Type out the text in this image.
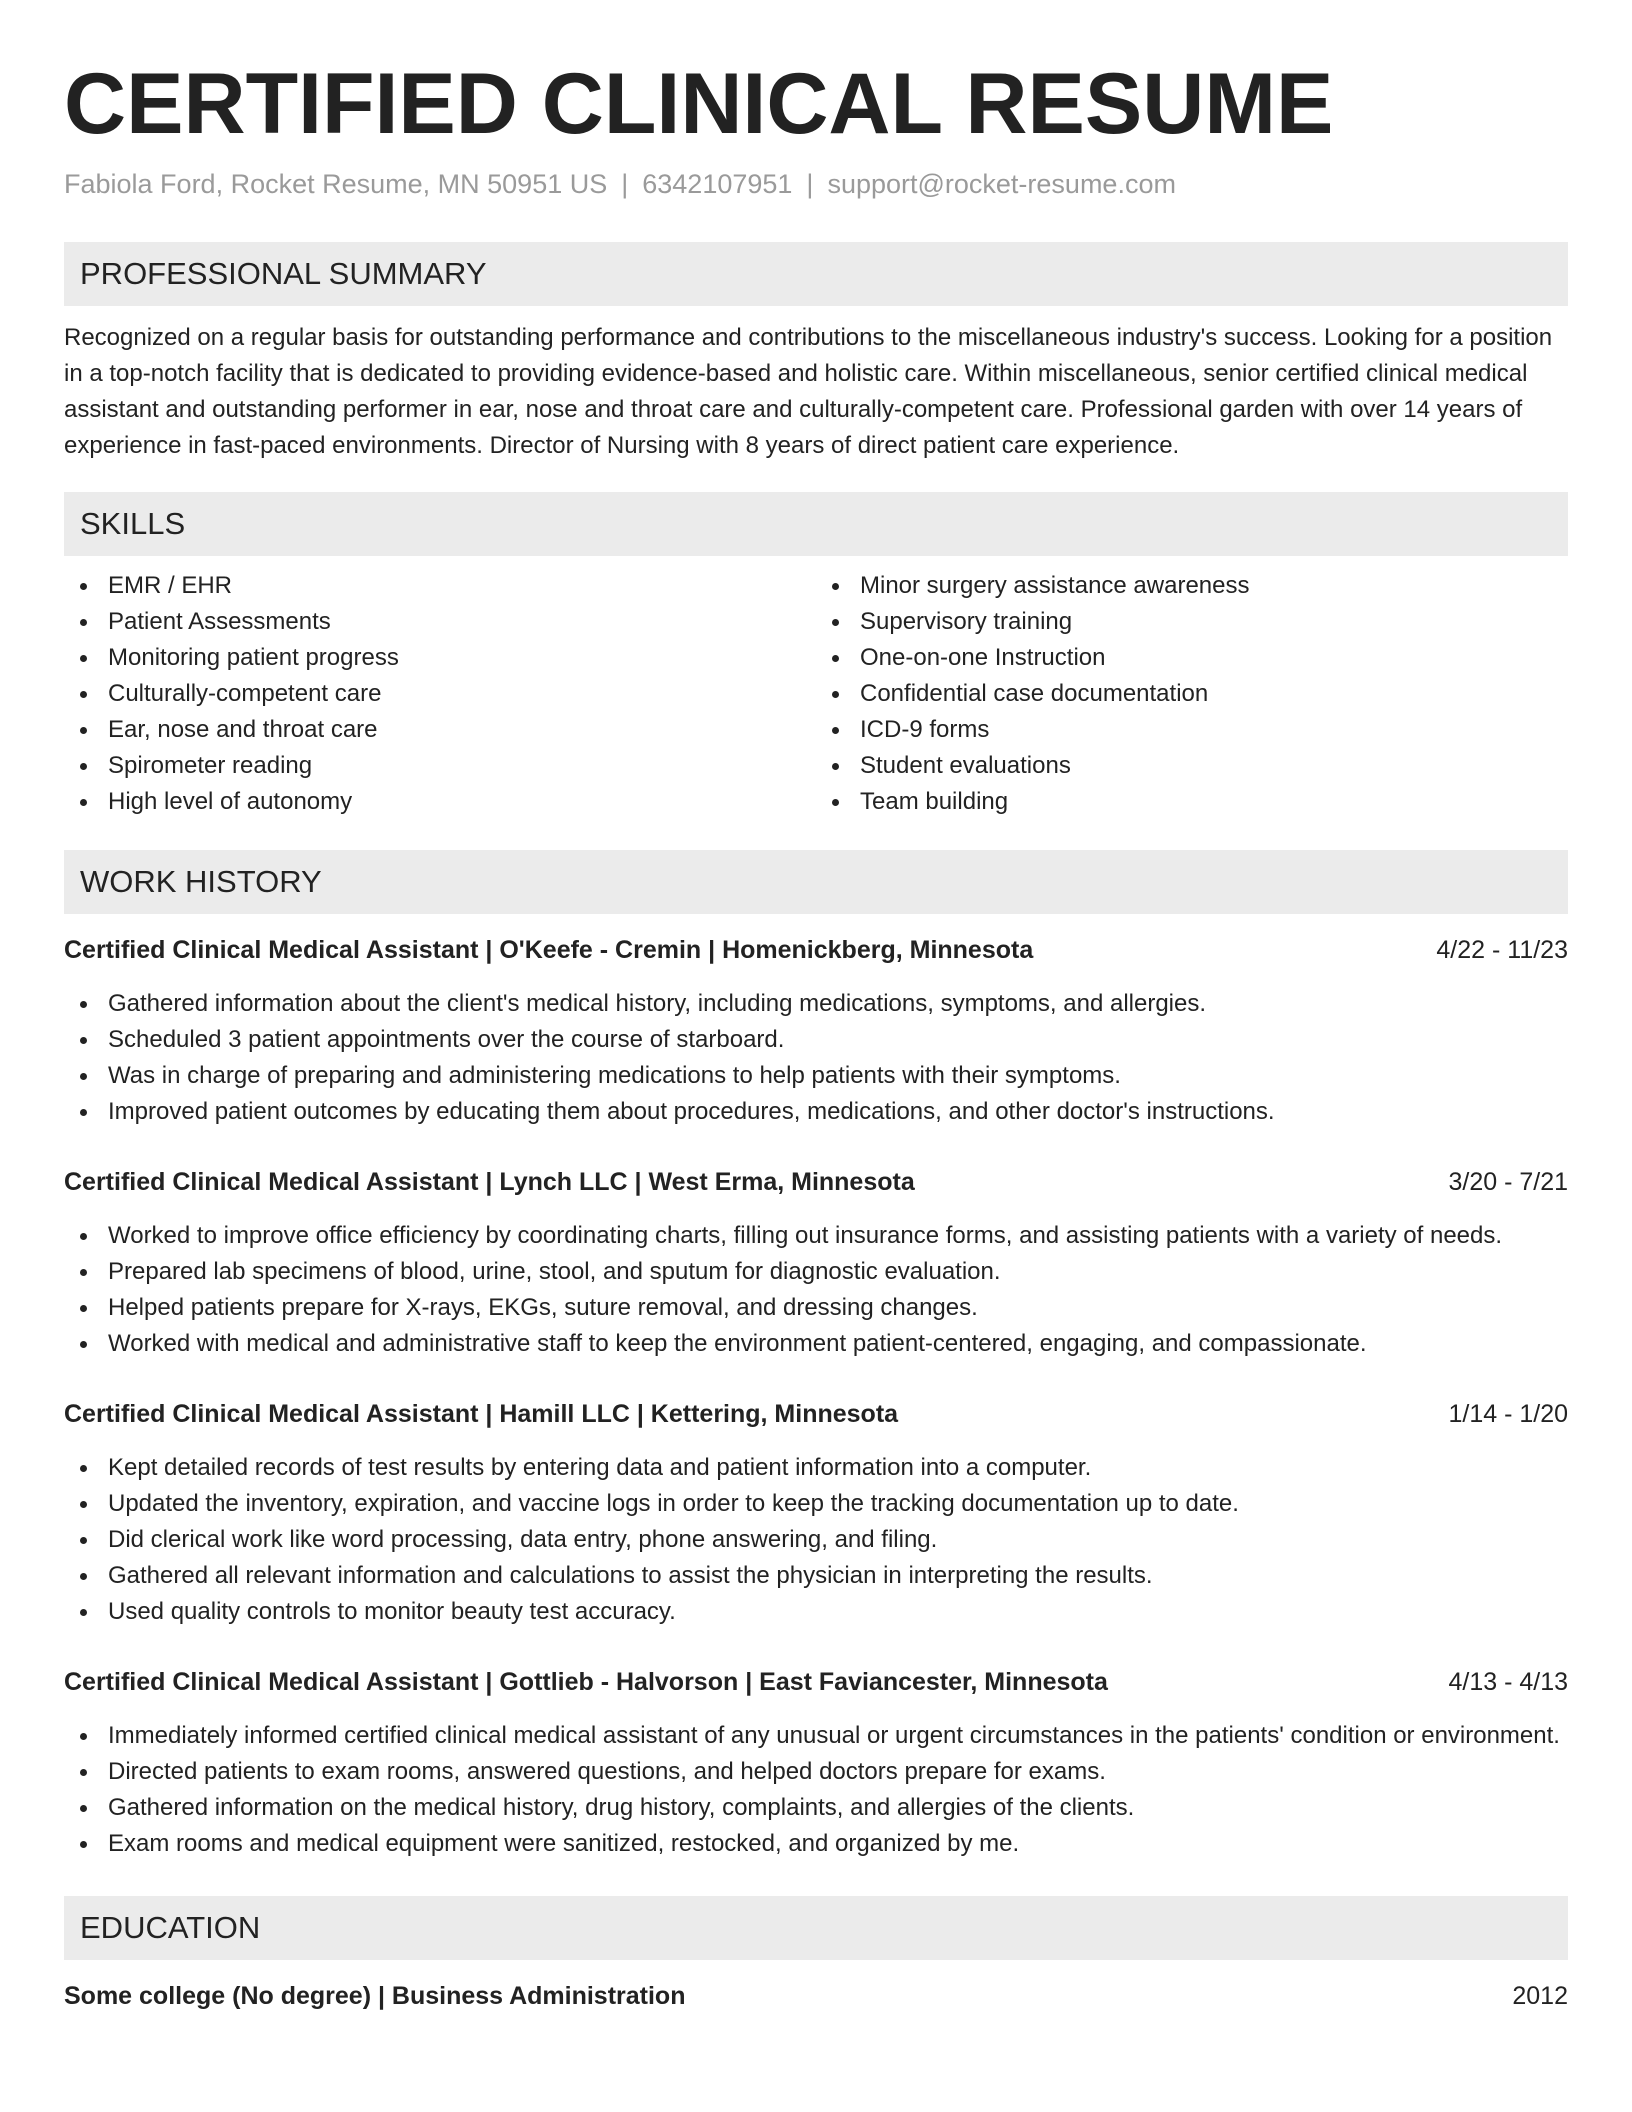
CERTIFIED CLINICAL RESUME
Fabiola Ford, Rocket Resume, MN 50951 US | 6342107951 | support@rocket-resume.com
PROFESSIONAL SUMMARY
Recognized on a regular basis for outstanding performance and contributions to the miscellaneous industry's success. Looking for a position in a top-notch facility that is dedicated to providing evidence-based and holistic care. Within miscellaneous, senior certified clinical medical assistant and outstanding performer in ear, nose and throat care and culturally-competent care. Professional garden with over 14 years of experience in fast-paced environments. Director of Nursing with 8 years of direct patient care experience.
SKILLS
EMR / EHR
Patient Assessments
Monitoring patient progress
Culturally-competent care
Ear, nose and throat care
Spirometer reading
High level of autonomy
Minor surgery assistance awareness
Supervisory training
One-on-one Instruction
Confidential case documentation
ICD-9 forms
Student evaluations
Team building
WORK HISTORY
Certified Clinical Medical Assistant | O'Keefe - Cremin | Homenickberg, Minnesota	4/22 - 11/23
Gathered information about the client's medical history, including medications, symptoms, and allergies.
Scheduled 3 patient appointments over the course of starboard.
Was in charge of preparing and administering medications to help patients with their symptoms.
Improved patient outcomes by educating them about procedures, medications, and other doctor's instructions.
Certified Clinical Medical Assistant | Lynch LLC | West Erma, Minnesota	3/20 - 7/21
Worked to improve office efficiency by coordinating charts, filling out insurance forms, and assisting patients with a variety of needs.
Prepared lab specimens of blood, urine, stool, and sputum for diagnostic evaluation.
Helped patients prepare for X-rays, EKGs, suture removal, and dressing changes.
Worked with medical and administrative staff to keep the environment patient-centered, engaging, and compassionate.
Certified Clinical Medical Assistant | Hamill LLC | Kettering, Minnesota	1/14 - 1/20
Kept detailed records of test results by entering data and patient information into a computer.
Updated the inventory, expiration, and vaccine logs in order to keep the tracking documentation up to date.
Did clerical work like word processing, data entry, phone answering, and filing.
Gathered all relevant information and calculations to assist the physician in interpreting the results.
Used quality controls to monitor beauty test accuracy.
Certified Clinical Medical Assistant | Gottlieb - Halvorson | East Faviancester, Minnesota	4/13 - 4/13
Immediately informed certified clinical medical assistant of any unusual or urgent circumstances in the patients' condition or environment.
Directed patients to exam rooms, answered questions, and helped doctors prepare for exams.
Gathered information on the medical history, drug history, complaints, and allergies of the clients.
Exam rooms and medical equipment were sanitized, restocked, and organized by me.
EDUCATION
Some college (No degree) | Business Administration	2012
